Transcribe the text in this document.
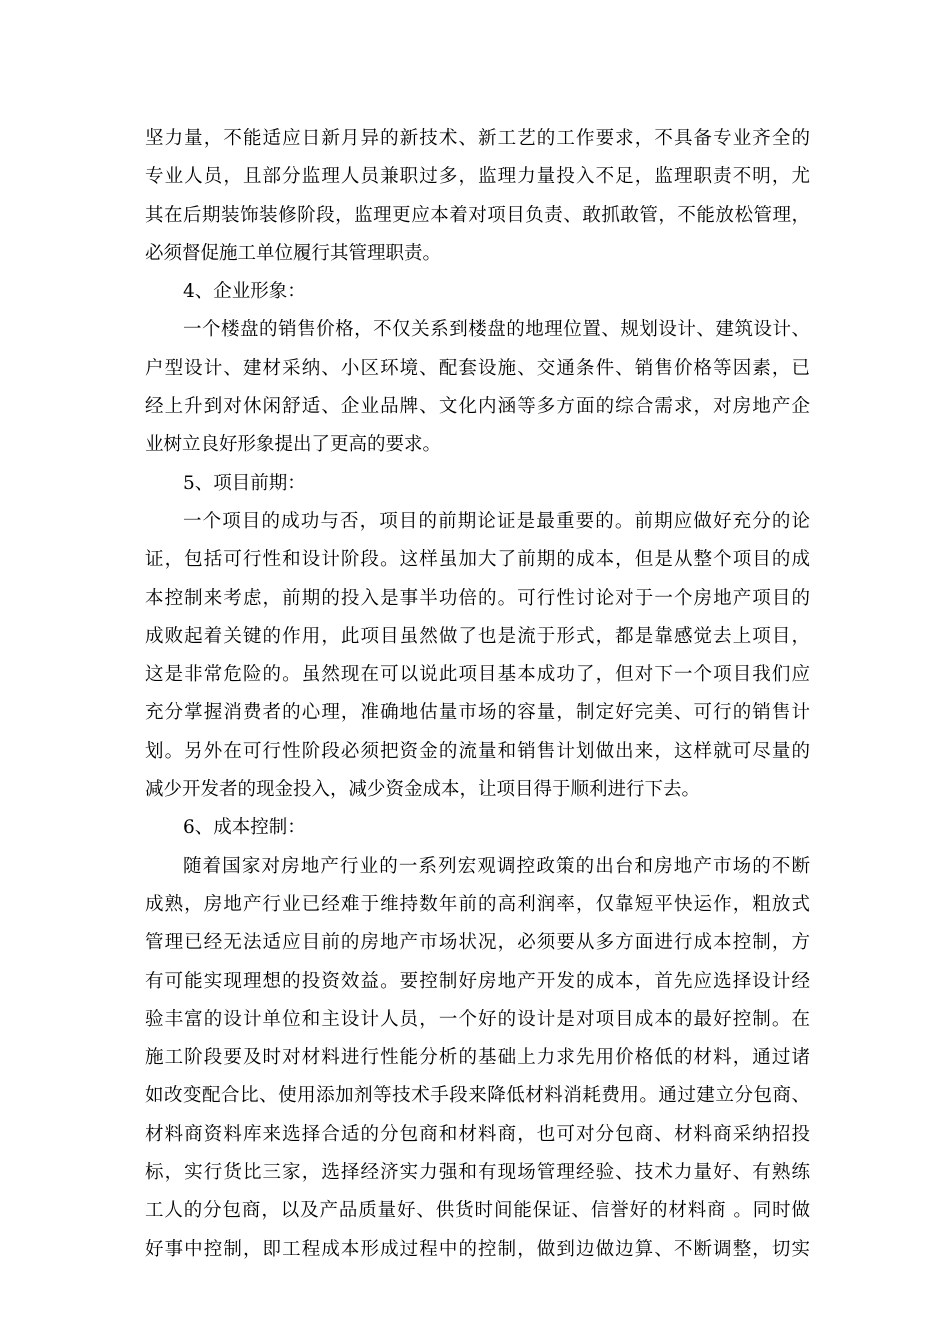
坚力量，不能适应日新月异的新技术、新工艺的工作要求，不具备专业齐全的
专业人员，且部分监理人员兼职过多，监理力量投入不足，监理职责不明，尤
其在后期装饰装修阶段，监理更应本着对项目负责、敢抓敢管，不能放松管理，
必须督促施工单位履行其管理职责。
4、企业形象：
一个楼盘的销售价格，不仅关系到楼盘的地理位置、规划设计、建筑设计、
户型设计、建材采纳、小区环境、配套设施、交通条件、销售价格等因素，已
经上升到对休闲舒适、企业品牌、文化内涵等多方面的综合需求，对房地产企
业树立良好形象提出了更高的要求。
5、项目前期：
一个项目的成功与否，项目的前期论证是最重要的。前期应做好充分的论
证，包括可行性和设计阶段。这样虽加大了前期的成本，但是从整个项目的成
本控制来考虑，前期的投入是事半功倍的。可行性讨论对于一个房地产项目的
成败起着关键的作用，此项目虽然做了也是流于形式，都是靠感觉去上项目，
这是非常危险的。虽然现在可以说此项目基本成功了，但对下一个项目我们应
充分掌握消费者的心理，准确地估量市场的容量，制定好完美、可行的销售计
划。另外在可行性阶段必须把资金的流量和销售计划做出来，这样就可尽量的
减少开发者的现金投入，减少资金成本，让项目得于顺利进行下去。
6、成本控制：
随着国家对房地产行业的一系列宏观调控政策的出台和房地产市场的不断
成熟，房地产行业已经难于维持数年前的高利润率，仅靠短平快运作，粗放式
管理已经无法适应目前的房地产市场状况，必须要从多方面进行成本控制，方
有可能实现理想的投资效益。要控制好房地产开发的成本，首先应选择设计经
验丰富的设计单位和主设计人员，一个好的设计是对项目成本的最好控制。在
施工阶段要及时对材料进行性能分析的基础上力求先用价格低的材料，通过诸
如改变配合比、使用添加剂等技术手段来降低材料消耗费用。通过建立分包商、
材料商资料库来选择合适的分包商和材料商，也可对分包商、材料商采纳招投
标，实行货比三家，选择经济实力强和有现场管理经验、技术力量好、有熟练
工人的分包商，以及产品质量好、供货时间能保证、信誉好的材料商 。同时做
好事中控制，即工程成本形成过程中的控制，做到边做边算、不断调整，切实
